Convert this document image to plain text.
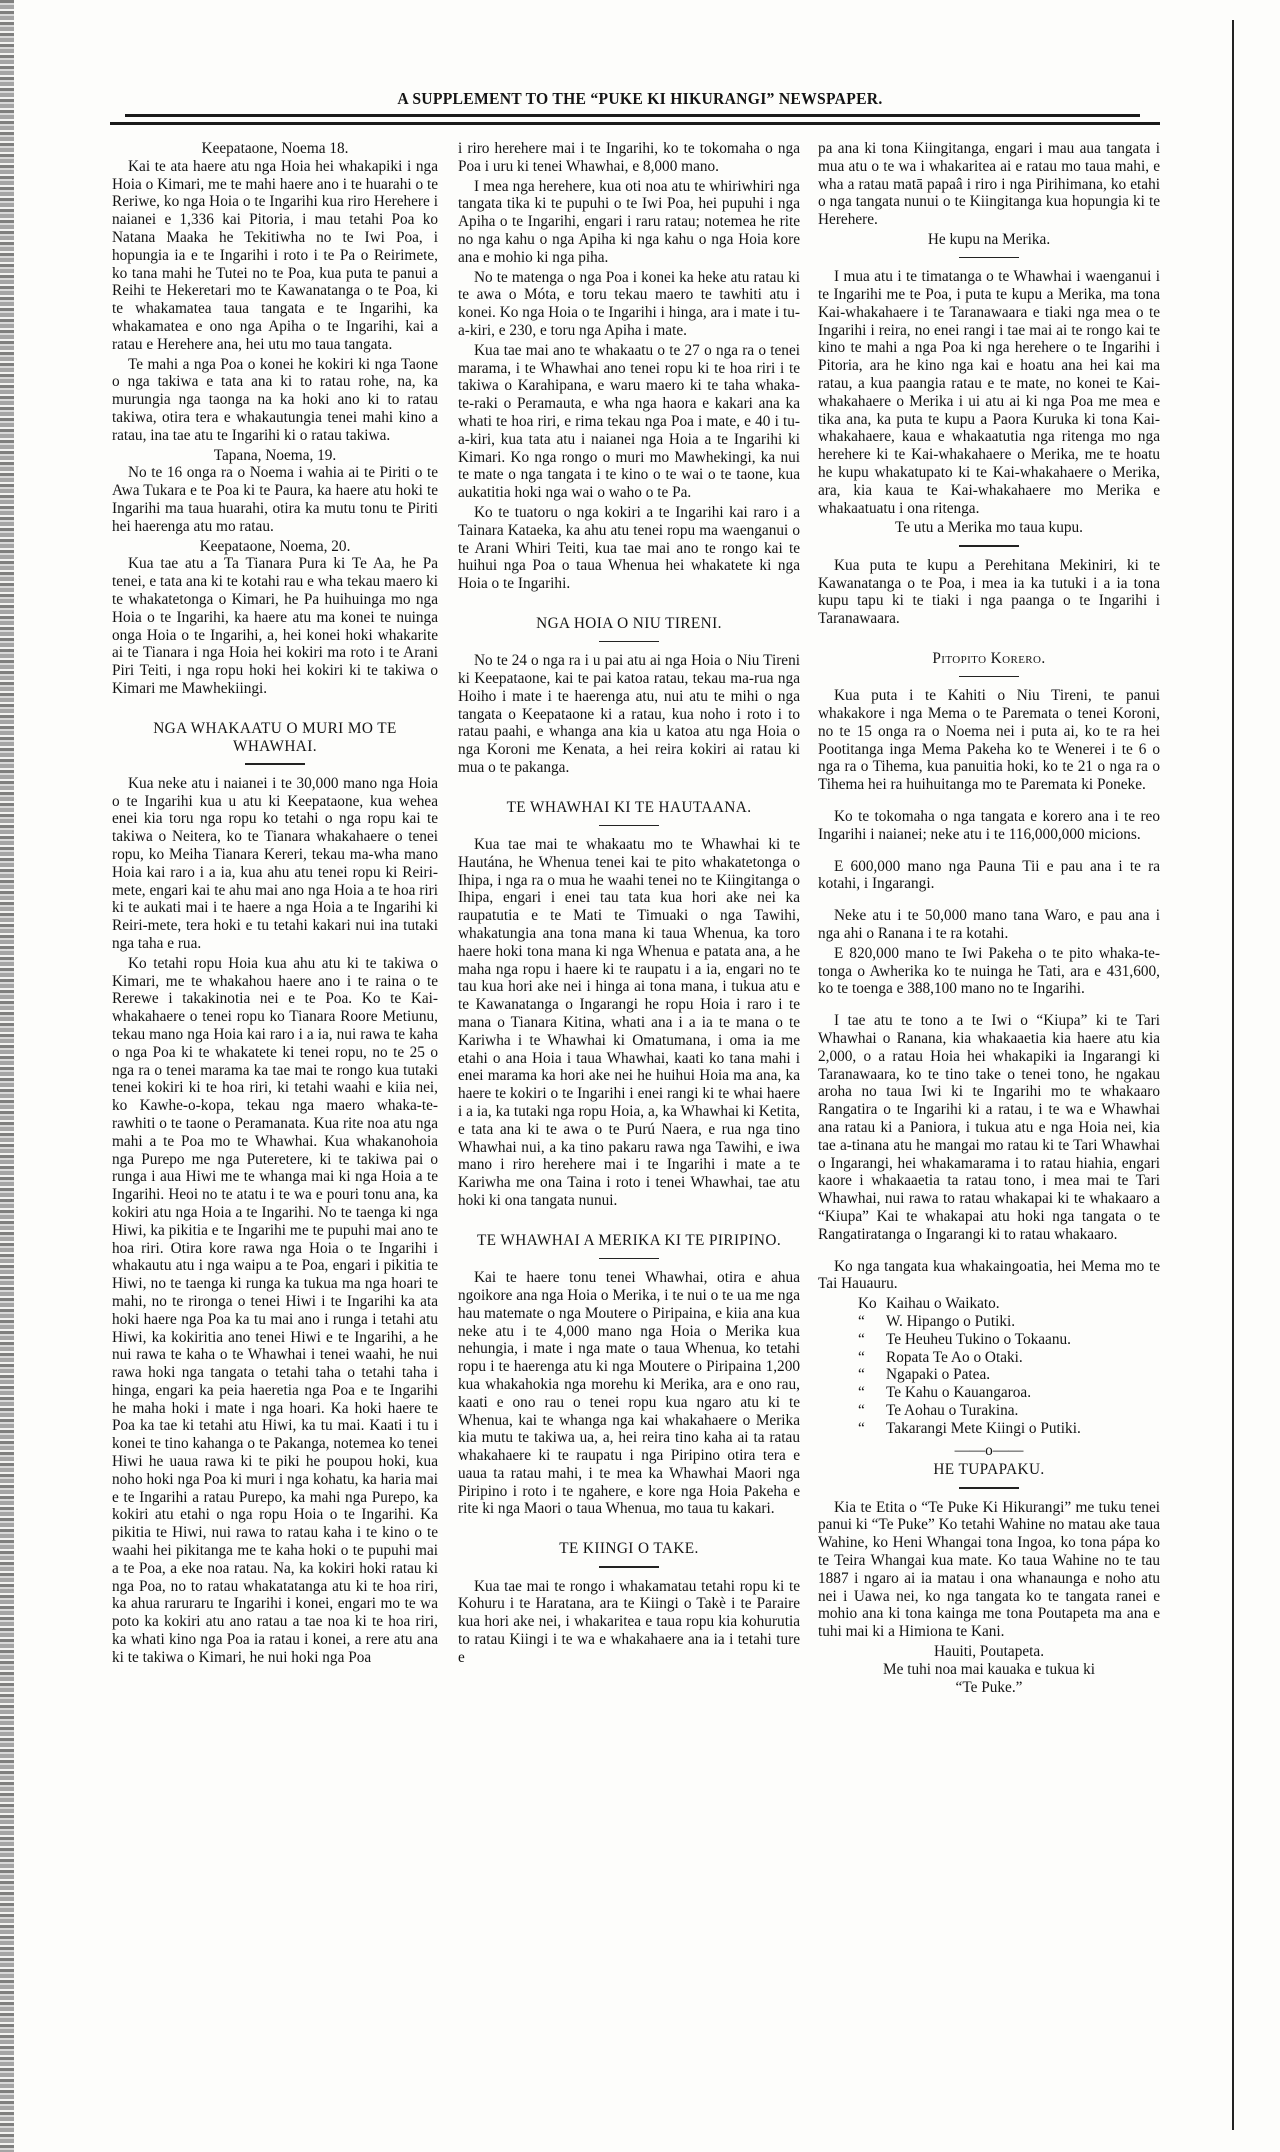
A SUPPLEMENT TO THE “PUKE KI HIKURANGI” NEWSPAPER.
Keepataone, Noema 18.
Kai te ata haere atu nga Hoia hei whakapiki i nga Hoia o Kimari, me te mahi haere ano i te huarahi o te Reriwe, ko nga Hoia o te Ingarihi kua riro Herehere i naianei e 1,336 kai Pitoria, i mau tetahi Poa ko Natana Maaka he Tekitiwha no te Iwi Poa, i hopungia ia e te Ingarihi i roto i te Pa o Reirimete, ko tana mahi he Tutei no te Poa, kua puta te panui a Reihi te Hekeretari mo te Kawanatanga o te Poa, ki te whakamatea taua tangata e te Ingarihi, ka whakamatea e ono nga Apiha o te Ingarihi, kai a ratau e Herehere ana, hei utu mo taua tangata.
Te mahi a nga Poa o konei he kokiri ki nga Taone o nga takiwa e tata ana ki to ratau rohe, na, ka murungia nga taonga na ka hoki ano ki to ratau takiwa, otira tera e whakautungia tenei mahi kino a ratau, ina tae atu te Ingarihi ki o ratau takiwa.
Tapana, Noema, 19.
No te 16 onga ra o Noema i wahia ai te Piriti o te Awa Tukara e te Poa ki te Paura, ka haere atu hoki te Ingarihi ma taua huarahi, otira ka mutu tonu te Piriti hei haerenga atu mo ratau.
Keepataone, Noema, 20.
Kua tae atu a Ta Tianara Pura ki Te Aa, he Pa tenei, e tata ana ki te kotahi rau e wha tekau maero ki te whakatetonga o Kimari, he Pa huihuinga mo nga Hoia o te Ingarihi, ka haere atu ma konei te nuinga onga Hoia o te Ingarihi, a, hei konei hoki whakarite ai te Tianara i nga Hoia hei kokiri ma roto i te Arani Piri Teiti, i nga ropu hoki hei kokiri ki te takiwa o Kimari me Mawhekiingi.
NGA WHAKAATU O MURI MO TE WHAWHAI.
Kua neke atu i naianei i te 30,000 mano nga Hoia o te Ingarihi kua u atu ki Keepataone, kua wehea enei kia toru nga ropu ko tetahi o nga ropu kai te takiwa o Neitera, ko te Tianara whakahaere o tenei ropu, ko Meiha Tianara Kereri, tekau ma-wha mano Hoia kai raro i a ia, kua ahu atu tenei ropu ki Reiri-mete, engari kai te ahu mai ano nga Hoia a te hoa riri ki te aukati mai i te haere a nga Hoia a te Ingarihi ki Reiri-mete, tera hoki e tu tetahi kakari nui ina tutaki nga taha e rua.
Ko tetahi ropu Hoia kua ahu atu ki te takiwa o Kimari, me te whakahou haere ano i te raina o te Rerewe i takakinotia nei e te Poa. Ko te Kai-whakahaere o tenei ropu ko Tianara Roore Metiunu, tekau mano nga Hoia kai raro i a ia, nui rawa te kaha o nga Poa ki te whakatete ki tenei ropu, no te 25 o nga ra o tenei marama ka tae mai te rongo kua tutaki tenei kokiri ki te hoa riri, ki tetahi waahi e kiia nei, ko Kawhe-o-kopa, tekau nga maero whaka-te-rawhiti o te taone o Peramanata. Kua rite noa atu nga mahi a te Poa mo te Whawhai. Kua whakanohoia nga Purepo me nga Puteretere, ki te takiwa pai o runga i aua Hiwi me te whanga mai ki nga Hoia a te Ingarihi. Heoi no te atatu i te wa e pouri tonu ana, ka kokiri atu nga Hoia a te Ingarihi. No te taenga ki nga Hiwi, ka pikitia e te Ingarihi me te pupuhi mai ano te hoa riri. Otira kore rawa nga Hoia o te Ingarihi i whakautu atu i nga waipu a te Poa, engari i pikitia te Hiwi, no te taenga ki runga ka tukua ma nga hoari te mahi, no te rironga o tenei Hiwi i te Ingarihi ka ata hoki haere nga Poa ka tu mai ano i runga i tetahi atu Hiwi, ka kokiritia ano tenei Hiwi e te Ingarihi, a he nui rawa te kaha o te Whawhai i tenei waahi, he nui rawa hoki nga tangata o tetahi taha o tetahi taha i hinga, engari ka peia haeretia nga Poa e te Ingarihi he maha hoki i mate i nga hoari. Ka hoki haere te Poa ka tae ki tetahi atu Hiwi, ka tu mai. Kaati i tu i konei te tino kahanga o te Pakanga, notemea ko tenei Hiwi he uaua rawa ki te piki he poupou hoki, kua noho hoki nga Poa ki muri i nga kohatu, ka haria mai e te Ingarihi a ratau Purepo, ka mahi nga Purepo, ka kokiri atu etahi o nga ropu Hoia o te Ingarihi. Ka pikitia te Hiwi, nui rawa to ratau kaha i te kino o te waahi hei pikitanga me te kaha hoki o te pupuhi mai a te Poa, a eke noa ratau. Na, ka kokiri hoki ratau ki nga Poa, no to ratau whakatatanga atu ki te hoa riri, ka ahua raruraru te Ingarihi i konei, engari mo te wa poto ka kokiri atu ano ratau a tae noa ki te hoa riri, ka whati kino nga Poa ia ratau i konei, a rere atu ana ki te takiwa o Kimari, he nui hoki nga Poa
i riro herehere mai i te Ingarihi, ko te tokomaha o nga Poa i uru ki tenei Whawhai, e 8,000 mano.
I mea nga herehere, kua oti noa atu te whiriwhiri nga tangata tika ki te pupuhi o te Iwi Poa, hei pupuhi i nga Apiha o te Ingarihi, engari i raru ratau; notemea he rite no nga kahu o nga Apiha ki nga kahu o nga Hoia kore ana e mohio ki nga piha.
No te matenga o nga Poa i konei ka heke atu ratau ki te awa o Móta, e toru tekau maero te tawhiti atu i konei. Ko nga Hoia o te Ingarihi i hinga, ara i mate i tu-a-kiri, e 230, e toru nga Apiha i mate.
Kua tae mai ano te whakaatu o te 27 o nga ra o tenei marama, i te Whawhai ano tenei ropu ki te hoa riri i te takiwa o Karahipana, e waru maero ki te taha whaka-te-raki o Peramauta, e wha nga haora e kakari ana ka whati te hoa riri, e rima tekau nga Poa i mate, e 40 i tu-a-kiri, kua tata atu i naianei nga Hoia a te Ingarihi ki Kimari. Ko nga rongo o muri mo Mawhekingi, ka nui te mate o nga tangata i te kino o te wai o te taone, kua aukatitia hoki nga wai o waho o te Pa.
Ko te tuatoru o nga kokiri a te Ingarihi kai raro i a Tainara Kataeka, ka ahu atu tenei ropu ma waenganui o te Arani Whiri Teiti, kua tae mai ano te rongo kai te huihui nga Poa o taua Whenua hei whakatete ki nga Hoia o te Ingarihi.
NGA HOIA O NIU TIRENI.
No te 24 o nga ra i u pai atu ai nga Hoia o Niu Tireni ki Keepataone, kai te pai katoa ratau, tekau ma-rua nga Hoiho i mate i te haerenga atu, nui atu te mihi o nga tangata o Keepataone ki a ratau, kua noho i roto i to ratau paahi, e whanga ana kia u katoa atu nga Hoia o nga Koroni me Kenata, a hei reira kokiri ai ratau ki mua o te pakanga.
TE WHAWHAI KI TE HAUTAANA.
Kua tae mai te whakaatu mo te Whawhai ki te Hautána, he Whenua tenei kai te pito whakatetonga o Ihipa, i nga ra o mua he waahi tenei no te Kiingitanga o Ihipa, engari i enei tau tata kua hori ake nei ka raupatutia e te Mati te Timuaki o nga Tawihi, whakatungia ana tona mana ki taua Whenua, ka toro haere hoki tona mana ki nga Whenua e patata ana, a he maha nga ropu i haere ki te raupatu i a ia, engari no te tau kua hori ake nei i hinga ai tona mana, i tukua atu e te Kawanatanga o Ingarangi he ropu Hoia i raro i te mana o Tianara Kitina, whati ana i a ia te mana o te Kariwha i te Whawhai ki Omatumana, i oma ia me etahi o ana Hoia i taua Whawhai, kaati ko tana mahi i enei marama ka hori ake nei he huihui Hoia ma ana, ka haere te kokiri o te Ingarihi i enei rangi ki te whai haere i a ia, ka tutaki nga ropu Hoia, a, ka Whawhai ki Ketita, e tata ana ki te awa o te Purú Naera, e rua nga tino Whawhai nui, a ka tino pakaru rawa nga Tawihi, e iwa mano i riro herehere mai i te Ingarihi i mate a te Kariwha me ona Taina i roto i tenei Whawhai, tae atu hoki ki ona tangata nunui.
TE WHAWHAI A MERIKA KI TE PIRIPINO.
Kai te haere tonu tenei Whawhai, otira e ahua ngoikore ana nga Hoia o Merika, i te nui o te ua me nga hau matemate o nga Moutere o Piripaina, e kiia ana kua neke atu i te 4,000 mano nga Hoia o Merika kua nehungia, i mate i nga mate o taua Whenua, ko tetahi ropu i te haerenga atu ki nga Moutere o Piripaina 1,200 kua whakahokia nga morehu ki Merika, ara e ono rau, kaati e ono rau o tenei ropu kua ngaro atu ki te Whenua, kai te whanga nga kai whakahaere o Merika kia mutu te takiwa ua, a, hei reira tino kaha ai ta ratau whakahaere ki te raupatu i nga Piripino otira tera e uaua ta ratau mahi, i te mea ka Whawhai Maori nga Piripino i roto i te ngahere, e kore nga Hoia Pakeha e rite ki nga Maori o taua Whenua, mo taua tu kakari.
TE KIINGI O TAKE.
Kua tae mai te rongo i whakamatau tetahi ropu ki te Kohuru i te Haratana, ara te Kiingi o Takè i te Paraire kua hori ake nei, i whakaritea e taua ropu kia kohurutia to ratau Kiingi i te wa e whakahaere ana ia i tetahi ture e
pa ana ki tona Kiingitanga, engari i mau aua tangata i mua atu o te wa i whakaritea ai e ratau mo taua mahi, e wha a ratau matā papaâ i riro i nga Pirihimana, ko etahi o nga tangata nunui o te Kiingitanga kua hopungia ki te Herehere.
He kupu na Merika.
I mua atu i te timatanga o te Whawhai i waenganui i te Ingarihi me te Poa, i puta te kupu a Merika, ma tona Kai-whakahaere i te Taranawaara e tiaki nga mea o te Ingarihi i reira, no enei rangi i tae mai ai te rongo kai te kino te mahi a nga Poa ki nga herehere o te Ingarihi i Pitoria, ara he kino nga kai e hoatu ana hei kai ma ratau, a kua paangia ratau e te mate, no konei te Kai-whakahaere o Merika i ui atu ai ki nga Poa me mea e tika ana, ka puta te kupu a Paora Kuruka ki tona Kai-whakahaere, kaua e whakaatutia nga ritenga mo nga herehere ki te Kai-whakahaere o Merika, me te hoatu he kupu whakatupato ki te Kai-whakahaere o Merika, ara, kia kaua te Kai-whakahaere mo Merika e whakaatuatu i ona ritenga.
Te utu a Merika mo taua kupu.
Kua puta te kupu a Perehitana Mekiniri, ki te Kawanatanga o te Poa, i mea ia ka tutuki i a ia tona kupu tapu ki te tiaki i nga paanga o te Ingarihi i Taranawaara.
Pitopito Korero.
Kua puta i te Kahiti o Niu Tireni, te panui whakakore i nga Mema o te Paremata o tenei Koroni, no te 15 onga ra o Noema nei i puta ai, ko te ra hei Pootitanga inga Mema Pakeha ko te Wenerei i te 6 o nga ra o Tihema, kua panuitia hoki, ko te 21 o nga ra o Tihema hei ra huihuitanga mo te Paremata ki Poneke.
Ko te tokomaha o nga tangata e korero ana i te reo Ingarihi i naianei; neke atu i te 116,000,000 micions.
E 600,000 mano nga Pauna Tii e pau ana i te ra kotahi, i Ingarangi.
Neke atu i te 50,000 mano tana Waro, e pau ana i nga ahi o Ranana i te ra kotahi.
E 820,000 mano te Iwi Pakeha o te pito whaka-te-tonga o Awherika ko te nuinga he Tati, ara e 431,600, ko te toenga e 388,100 mano no te Ingarihi.
I tae atu te tono a te Iwi o “Kiupa” ki te Tari Whawhai o Ranana, kia whakaaetia kia haere atu kia 2,000, o a ratau Hoia hei whakapiki ia Ingarangi ki Taranawaara, ko te tino take o tenei tono, he ngakau aroha no taua Iwi ki te Ingarihi mo te whakaaro Rangatira o te Ingarihi ki a ratau, i te wa e Whawhai ana ratau ki a Paniora, i tukua atu e nga Hoia nei, kia tae a-tinana atu he mangai mo ratau ki te Tari Whawhai o Ingarangi, hei whakamarama i to ratau hiahia, engari kaore i whakaaetia ta ratau tono, i mea mai te Tari Whawhai, nui rawa to ratau whakapai ki te whakaaro a “Kiupa” Kai te whakapai atu hoki nga tangata o te Rangatiratanga o Ingarangi ki to ratau whakaaro.
Ko nga tangata kua whakaingoatia, hei Mema mo te Tai Hauauru.
Ko Kaihau o Waikato.
“ W. Hipango o Putiki.
“ Te Heuheu Tukino o Tokaanu.
“ Ropata Te Ao o Otaki.
“ Ngapaki o Patea.
“ Te Kahu o Kauangaroa.
“ Te Aohau o Turakina.
“ Takarangi Mete Kiingi o Putiki.
——o——
HE TUPAPAKU.
Kia te Etita o “Te Puke Ki Hikurangi” me tuku tenei panui ki “Te Puke” Ko tetahi Wahine no matau ake taua Wahine, ko Heni Whangai tona Ingoa, ko tona pápa ko te Teira Whangai kua mate. Ko taua Wahine no te tau 1887 i ngaro ai ia matau i ona whanaunga e noho atu nei i Uawa nei, ko nga tangata ko te tangata ranei e mohio ana ki tona kainga me tona Poutapeta ma ana e tuhi mai ki a Himiona te Kani.
Hauiti, Poutapeta.
Me tuhi noa mai kauaka e tukua ki
“Te Puke.”
